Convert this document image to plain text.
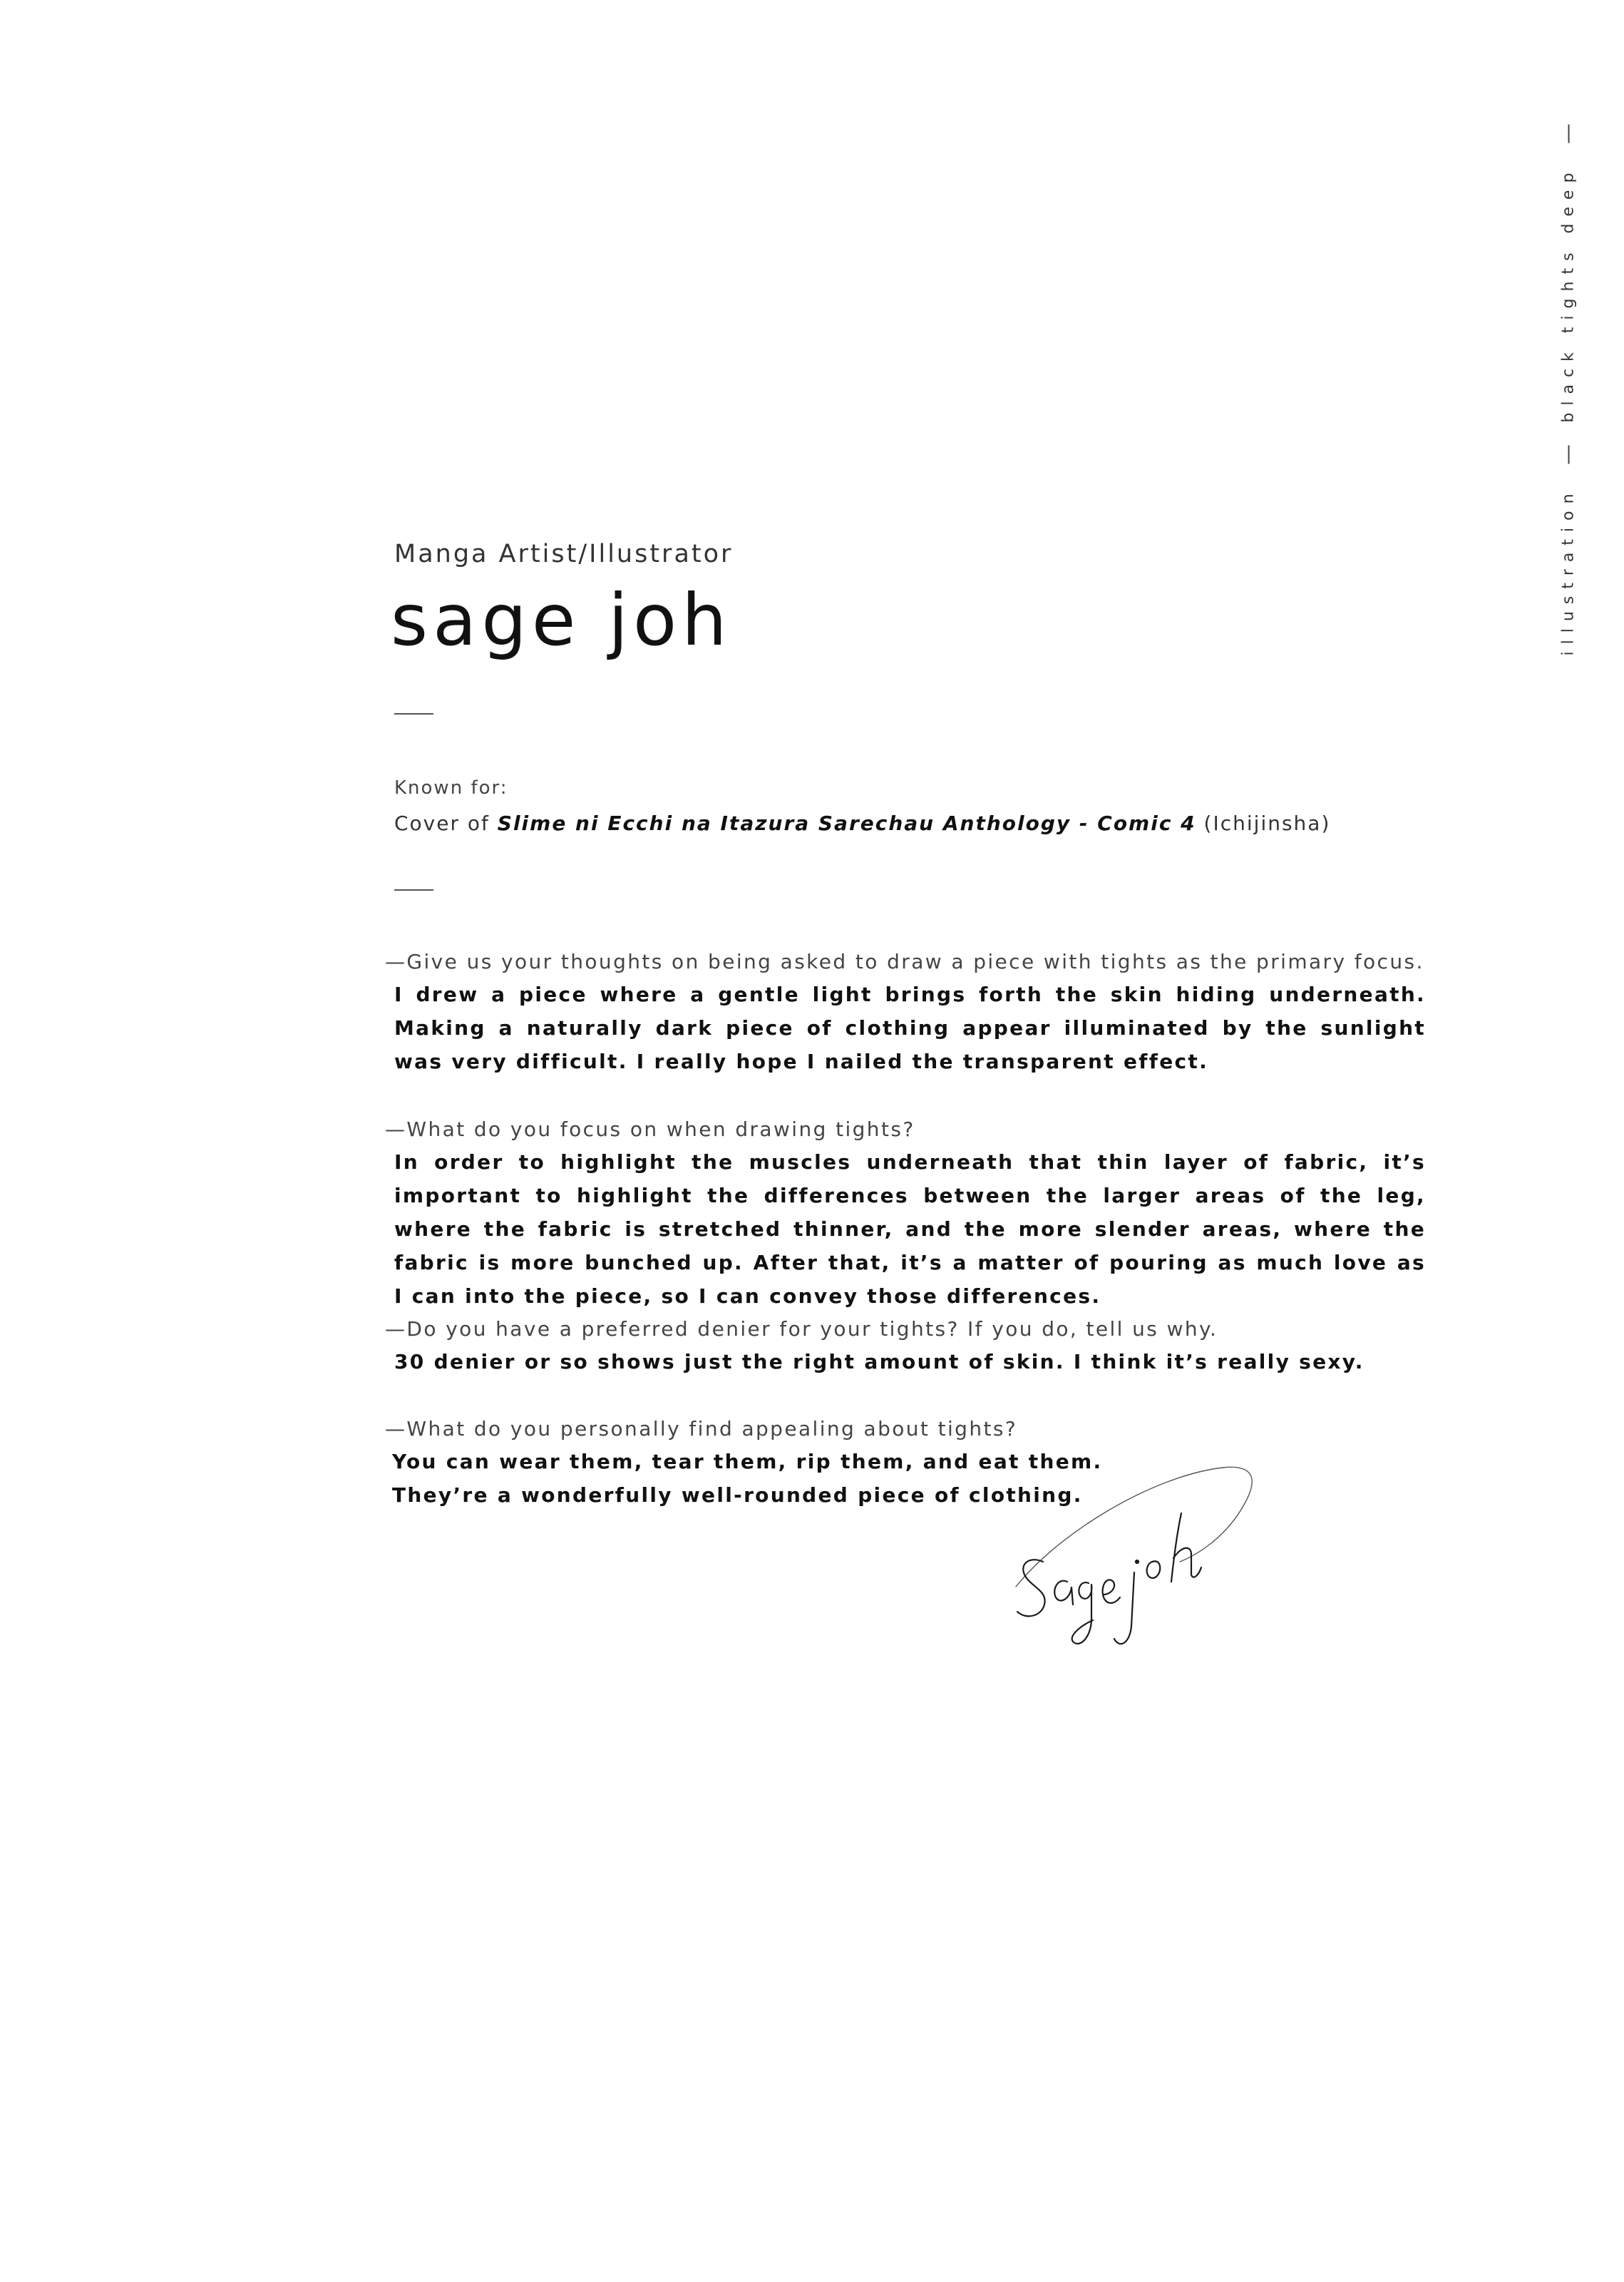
illustration
black tights deep
Manga Artist/Illustrator
sage joh
Known for:
Cover of Slime ni Ecchi na Itazura Sarechau Anthology - Comic 4 (Ichijinsha)
—Give us your thoughts on being asked to draw a piece with tights as the primary focus.
I drew a piece where a gentle light brings forth the skin hiding underneath. Making a naturally dark piece of clothing appear illuminated by the sunlight was very difficult. I really hope I nailed the transparent effect.
—What do you focus on when drawing tights?
In order to highlight the muscles underneath that thin layer of fabric, it’s important to highlight the differences between the larger areas of the leg, where the fabric is stretched thinner, and the more slender areas, where the fabric is more bunched up. After that, it’s a matter of pouring as much love as I can into the piece, so I can convey those differences.
—Do you have a preferred denier for your tights? If you do, tell us why.
30 denier or so shows just the right amount of skin. I think it’s really sexy.
—What do you personally find appealing about tights?
You can wear them, tear them, rip them, and eat them.
They’re a wonderfully well-rounded piece of clothing.
